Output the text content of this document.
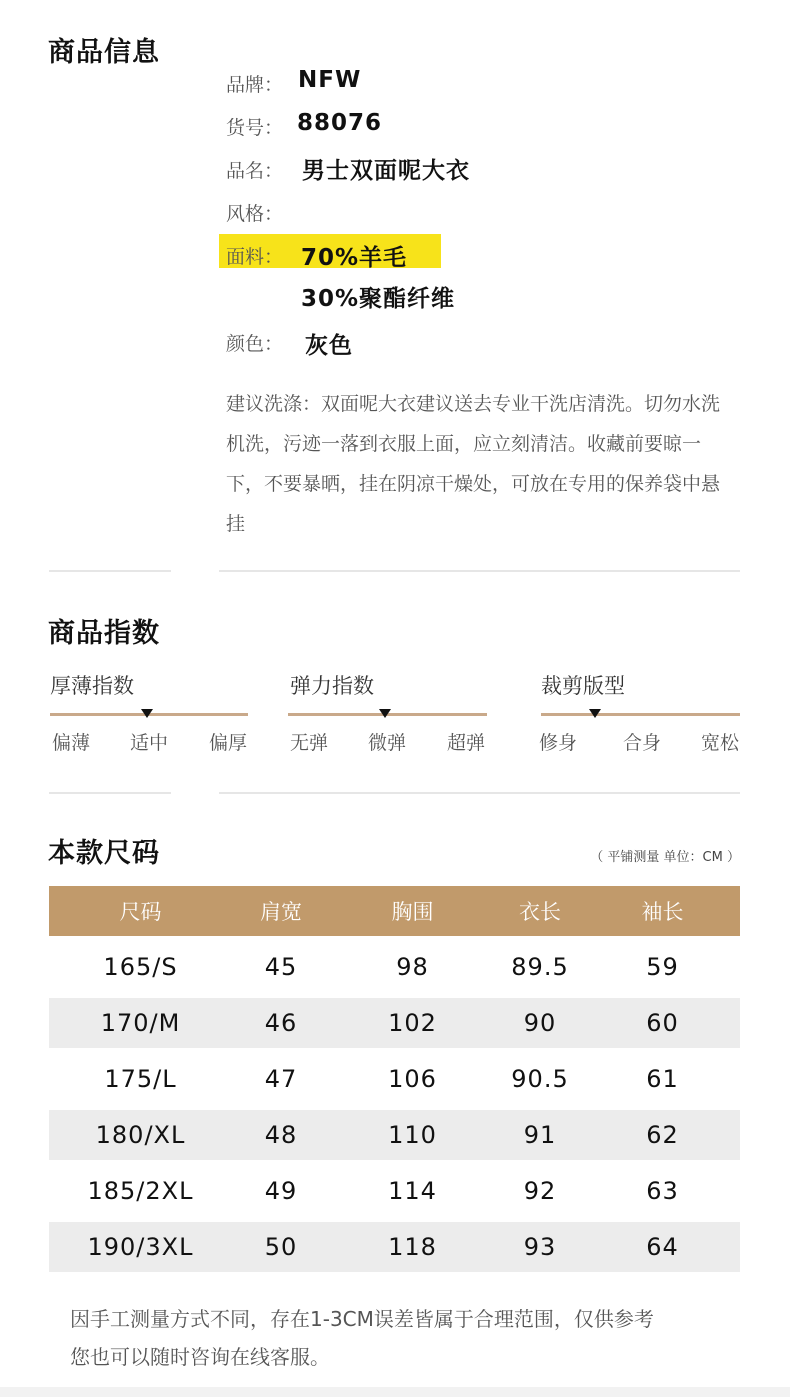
商品信息
品牌： NFW
货号： 88076
品名： 男士双面呢大衣
风格：
面料： 70%羊毛
30%聚酯纤维
颜色： 灰色
建议洗涤：双面呢大衣建议送去专业干洗店清洗。切勿水洗机洗，污迹一落到衣服上面，应立刻清洁。收藏前要晾一下，不要暴晒，挂在阴凉干燥处，可放在专用的保养袋中悬挂
商品指数
厚薄指数
偏薄 适中 偏厚
弹力指数
无弹 微弹 超弹
裁剪版型
修身 合身 宽松
本款尺码	（ 平铺测量 单位：CM ）
尺码	肩宽	胸围	衣长	袖长
165/S	45	98	89.5	59
170/M	46	102	90	60
175/L	47	106	90.5	61
180/XL	48	110	91	62
185/2XL	49	114	92	63
190/3XL	50	118	93	64
因手工测量方式不同，存在1-3CM误差皆属于合理范围，仅供参考
您也可以随时咨询在线客服。
